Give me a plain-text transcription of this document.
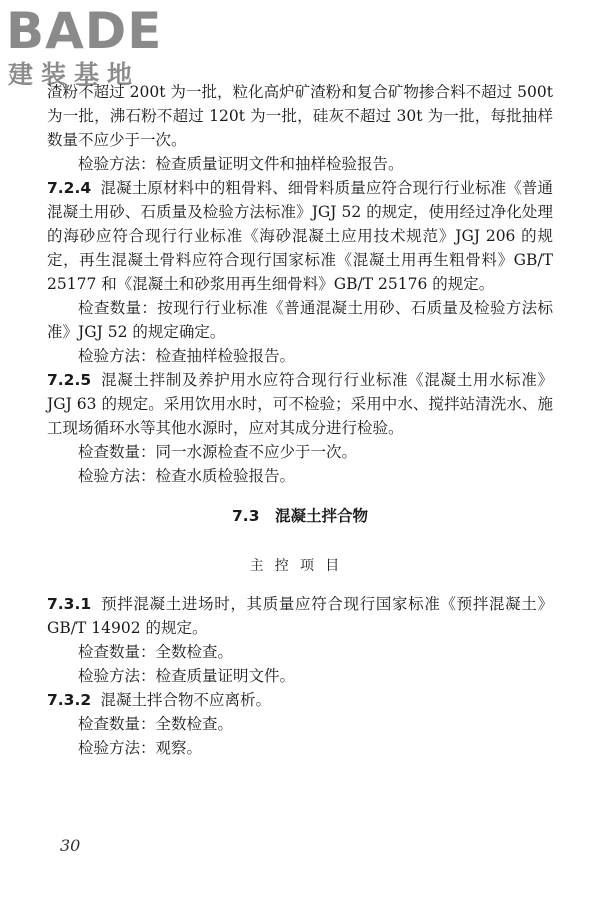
BADE
建装基地

渣粉不超过 200t 为一批，粒化高炉矿渣粉和复合矿物掺合料不超过 500t 为一批，沸石粉不超过 120t 为一批，硅灰不超过 30t 为一批，每批抽样数量不应少于一次。

检验方法：检查质量证明文件和抽样检验报告。

7.2.4 混凝土原材料中的粗骨料、细骨料质量应符合现行行业标准《普通混凝土用砂、石质量及检验方法标准》JGJ 52 的规定，使用经过净化处理的海砂应符合现行行业标准《海砂混凝土应用技术规范》JGJ 206 的规定，再生混凝土骨料应符合现行国家标准《混凝土用再生粗骨料》GB/T 25177 和《混凝土和砂浆用再生细骨料》GB/T 25176 的规定。

检查数量：按现行行业标准《普通混凝土用砂、石质量及检验方法标准》JGJ 52 的规定确定。

检验方法：检查抽样检验报告。

7.2.5 混凝土拌制及养护用水应符合现行行业标准《混凝土用水标准》JGJ 63 的规定。采用饮用水时，可不检验；采用中水、搅拌站清洗水、施工现场循环水等其他水源时，应对其成分进行检验。

检查数量：同一水源检查不应少于一次。

检验方法：检查水质检验报告。

7.3　混凝土拌合物
主控项目

7.3.1 预拌混凝土进场时，其质量应符合现行国家标准《预拌混凝土》GB/T 14902 的规定。

检查数量：全数检查。

检验方法：检查质量证明文件。

7.3.2 混凝土拌合物不应离析。

检查数量：全数检查。

检验方法：观察。

30
